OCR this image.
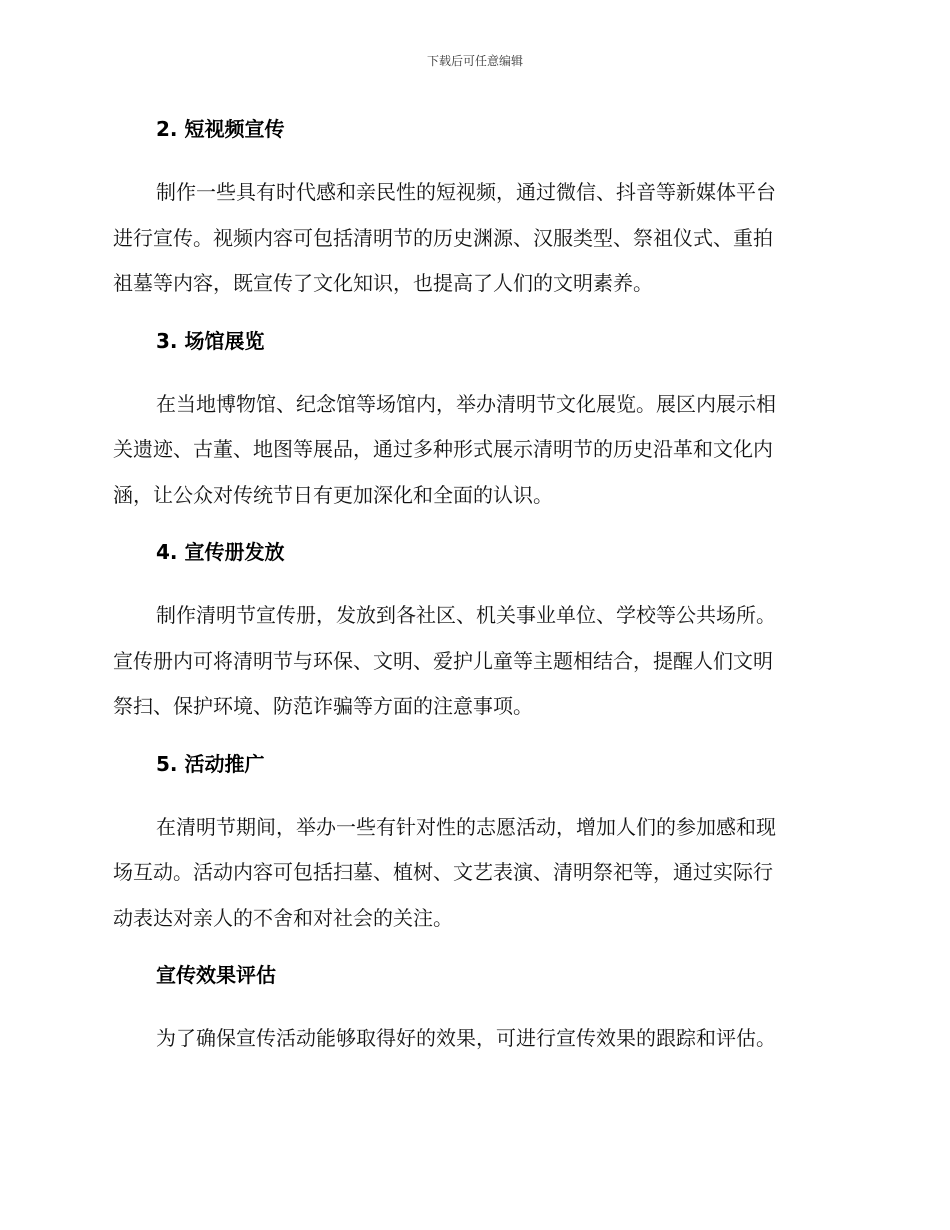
下载后可任意编辑
2. 短视频宣传

制作一些具有时代感和亲民性的短视频，通过微信、抖音等新媒体平台
进行宣传。视频内容可包括清明节的历史渊源、汉服类型、祭祖仪式、重拍
祖墓等内容，既宣传了文化知识，也提高了人们的文明素养。

3. 场馆展览

在当地博物馆、纪念馆等场馆内，举办清明节文化展览。展区内展示相
关遗迹、古董、地图等展品，通过多种形式展示清明节的历史沿革和文化内
涵，让公众对传统节日有更加深化和全面的认识。

4. 宣传册发放

制作清明节宣传册，发放到各社区、机关事业单位、学校等公共场所。
宣传册内可将清明节与环保、文明、爱护儿童等主题相结合，提醒人们文明
祭扫、保护环境、防范诈骗等方面的注意事项。

5. 活动推广

在清明节期间，举办一些有针对性的志愿活动，增加人们的参加感和现
场互动。活动内容可包括扫墓、植树、文艺表演、清明祭祀等，通过实际行
动表达对亲人的不舍和对社会的关注。

宣传效果评估

为了确保宣传活动能够取得好的效果，可进行宣传效果的跟踪和评估。
